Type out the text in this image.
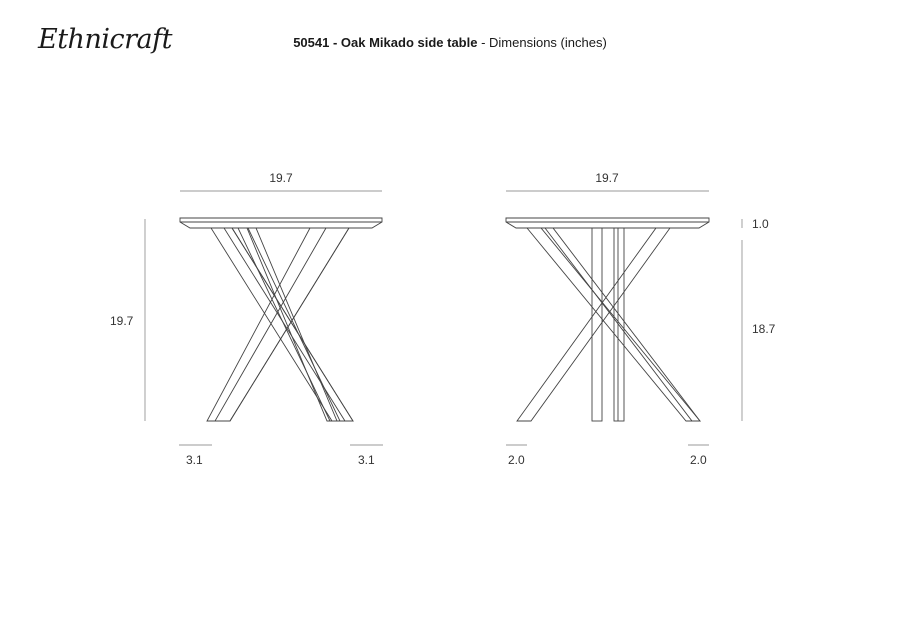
Ethnicraft	50541 - Oak Mikado side table - Dimensions (inches)
19.7
19.7
3.1	3.1
19.7
1.0
18.7
2.0	2.0
